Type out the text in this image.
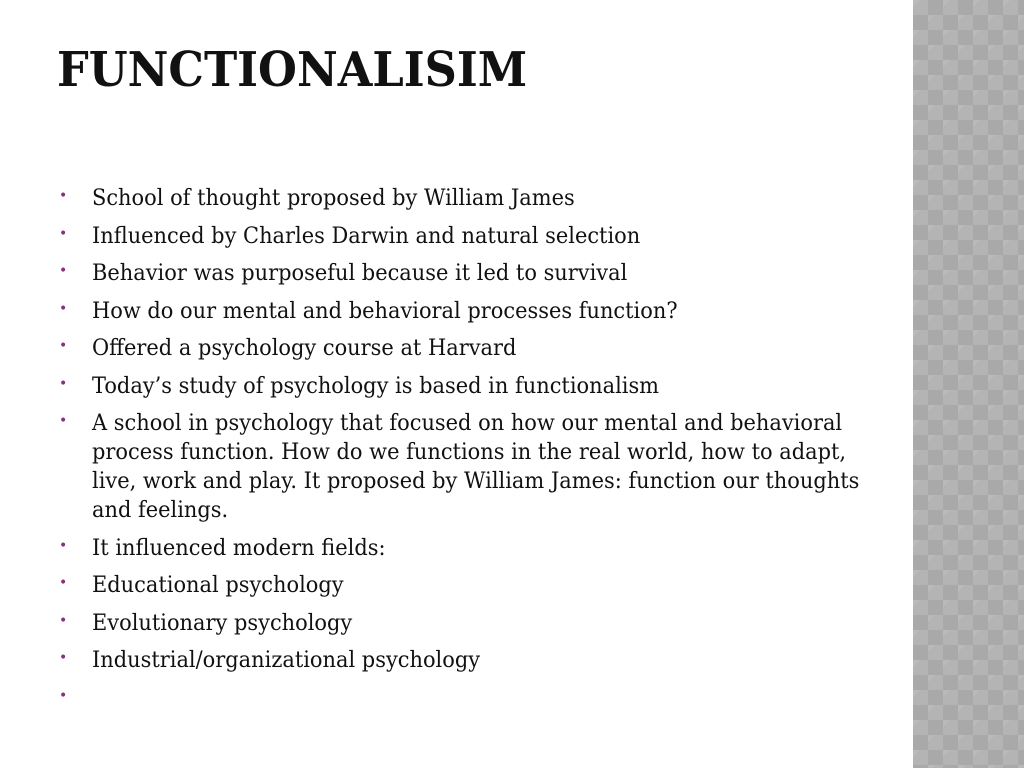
FUNCTIONALISIM
• School of thought proposed by William James
• Influenced by Charles Darwin and natural selection
• Behavior was purposeful because it led to survival
• How do our mental and behavioral processes function?
• Offered a psychology course at Harvard
• Today’s study of psychology is based in functionalism
• A school in psychology that focused on how our mental and behavioral process function. How do we functions in the real world, how to adapt, live, work and play. It proposed by William James: function our thoughts and feelings.
• It influenced modern fields:
• Educational psychology
• Evolutionary psychology
• Industrial/organizational psychology
•
